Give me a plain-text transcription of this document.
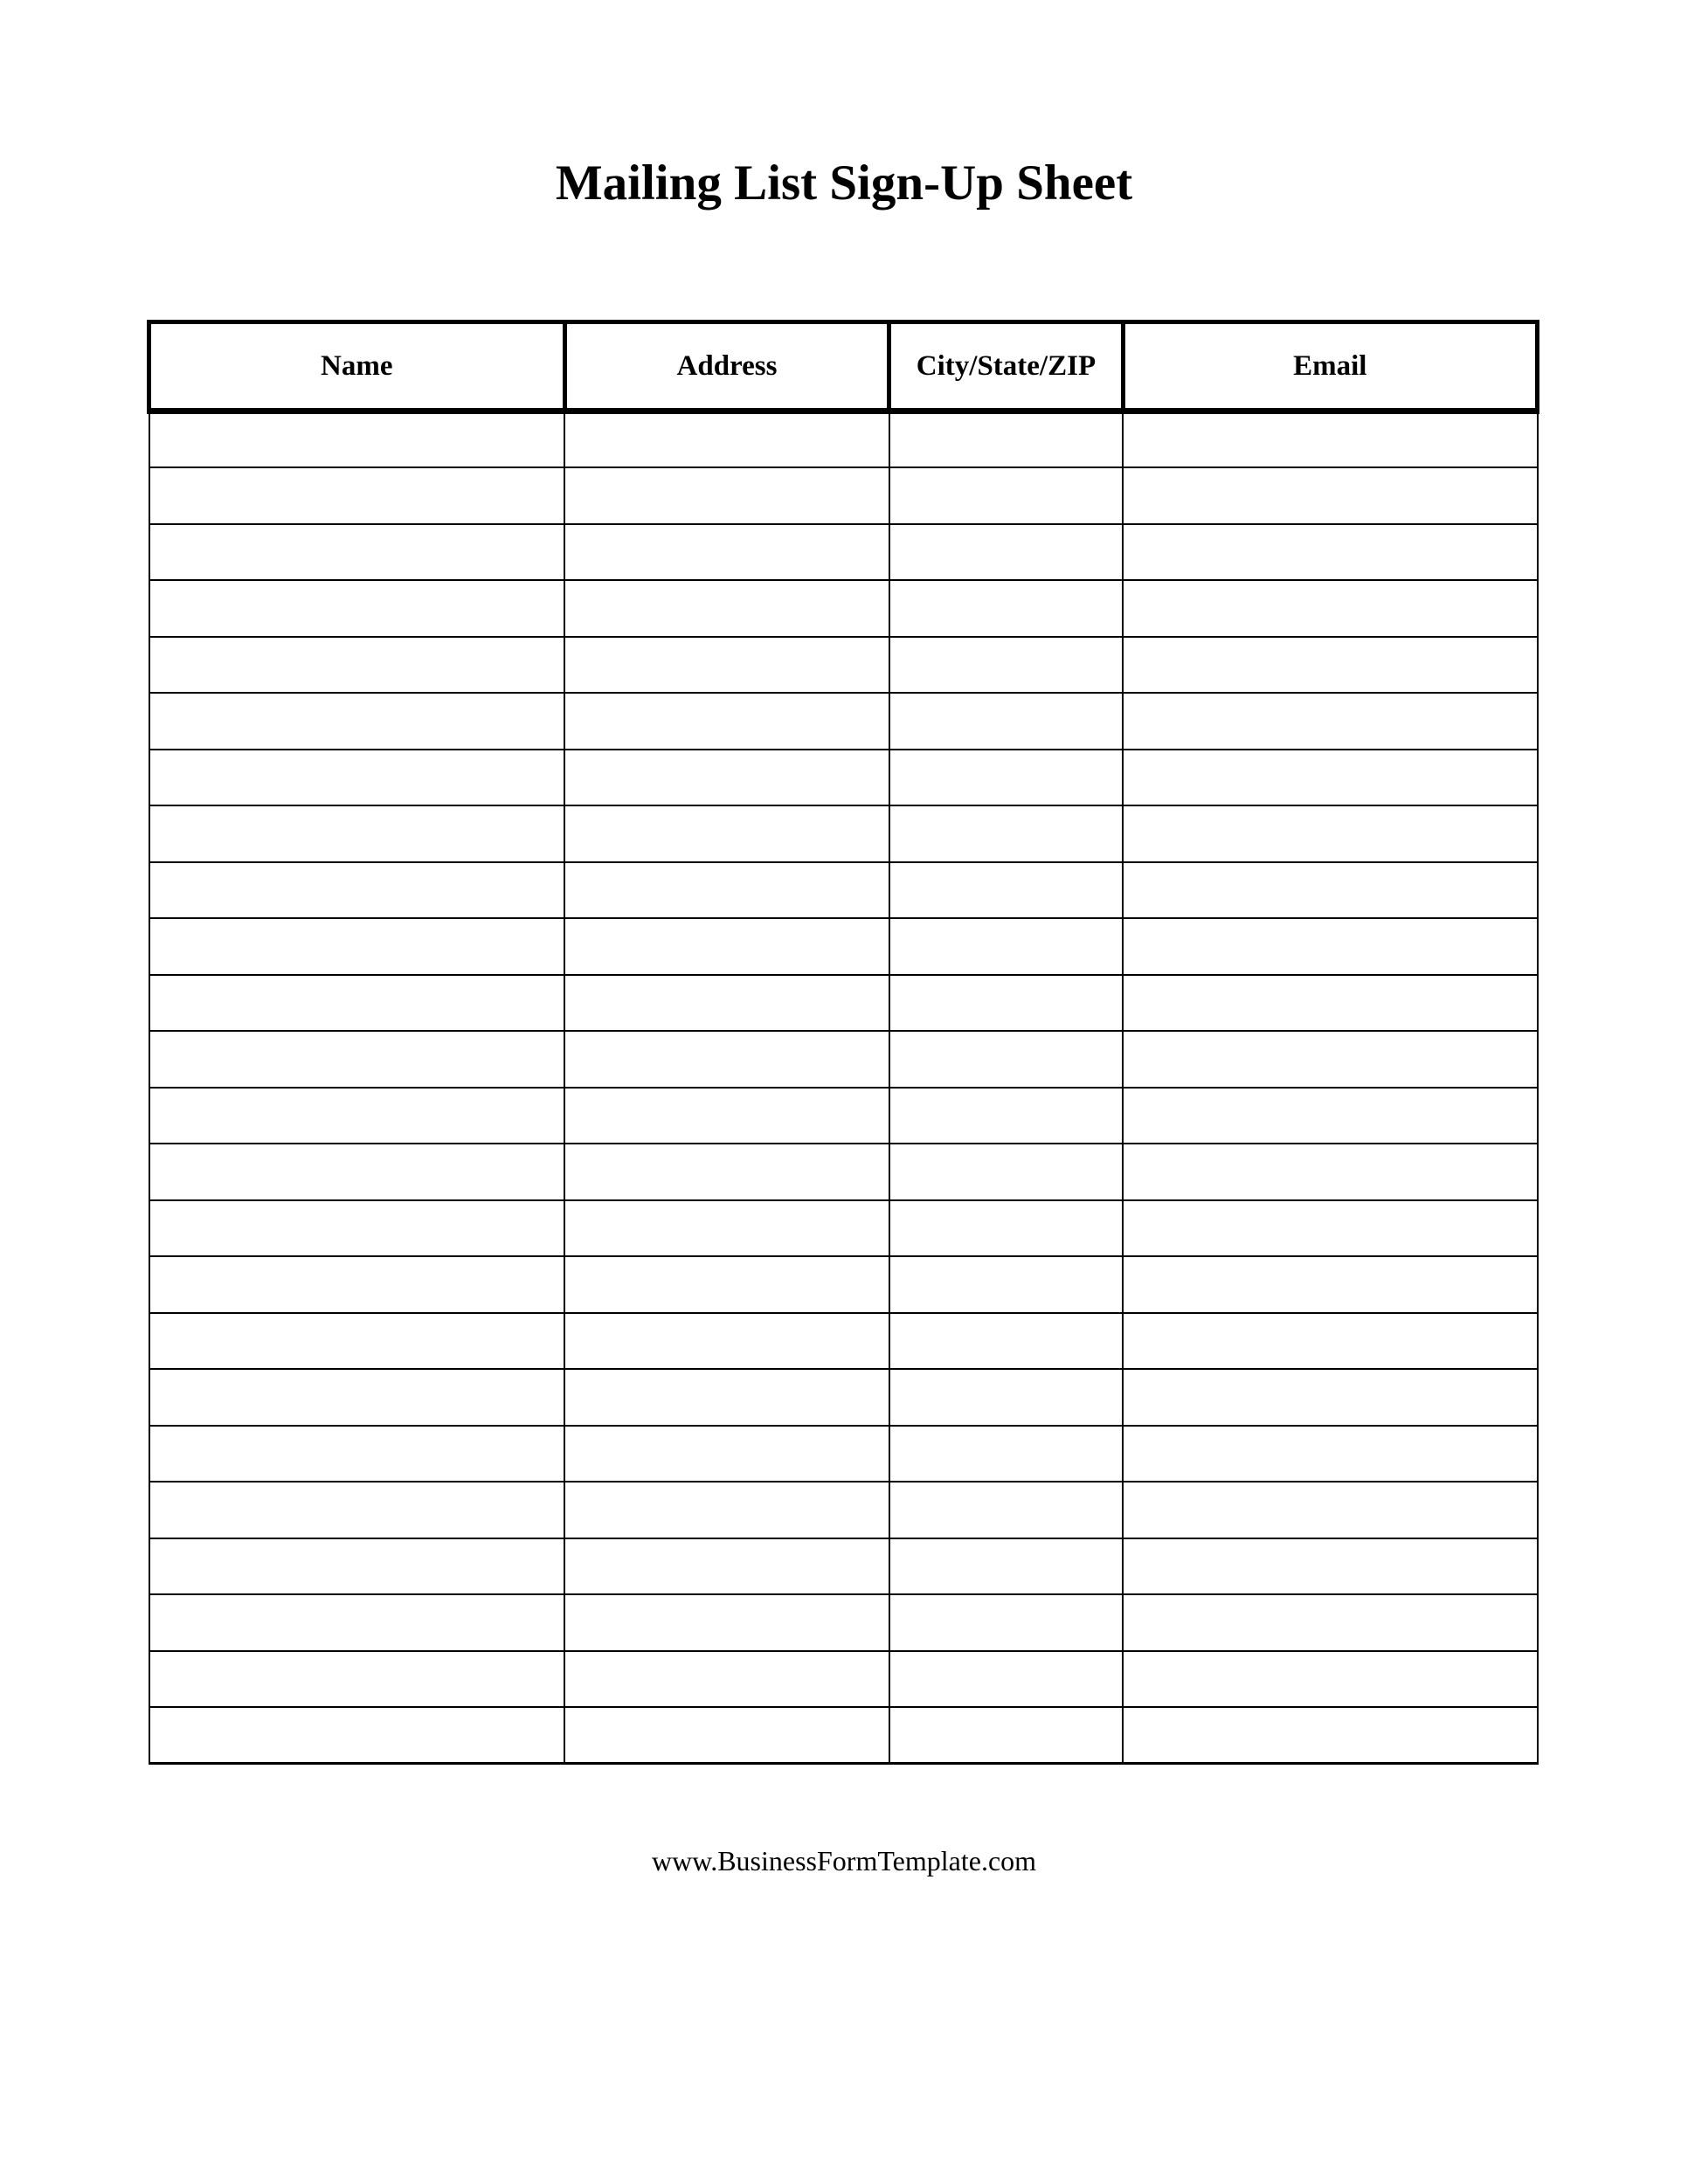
Mailing List Sign-Up Sheet
Name	Address	City/State/ZIP	Email

www.BusinessFormTemplate.com
